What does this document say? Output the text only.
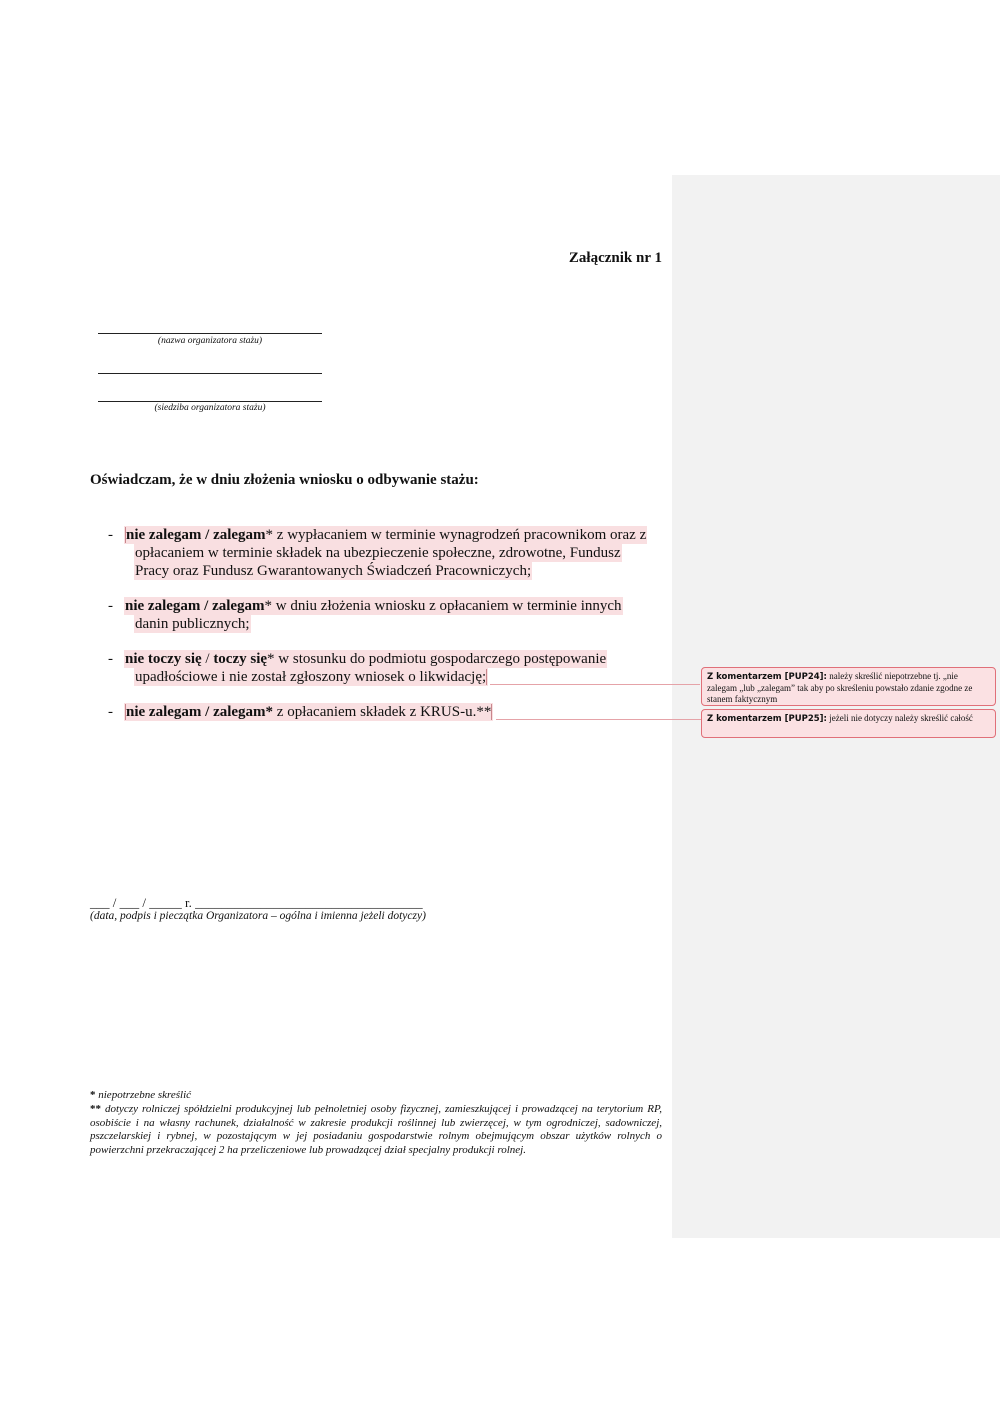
Załącznik nr 1
(nazwa organizatora stażu)
(siedziba organizatora stażu)
Oświadczam, że w dniu złożenia wniosku o odbywanie stażu:
- nie zalegam / zalegam* z wypłacaniem w terminie wynagrodzeń pracownikom oraz z
opłacaniem w terminie składek na ubezpieczenie społeczne, zdrowotne, Fundusz
Pracy oraz Fundusz Gwarantowanych Świadczeń Pracowniczych;
- nie zalegam / zalegam* w dniu złożenia wniosku z opłacaniem w terminie innych
danin publicznych;
- nie toczy się / toczy się* w stosunku do podmiotu gospodarczego postępowanie
upadłościowe i nie został zgłoszony wniosek o likwidację;
- nie zalegam / zalegam* z opłacaniem składek z KRUS-u.**
Z komentarzem [PUP24]: należy skreślić niepotrzebne tj. „nie zalegam „lub „zalegam” tak aby po skreśleniu powstało zdanie zgodne ze stanem faktycznym
Z komentarzem [PUP25]: jeżeli nie dotyczy należy skreślić całość
___ / ___ / _____ r. ___________________________________
(data, podpis i pieczątka Organizatora – ogólna i imienna jeżeli dotyczy)
* niepotrzebne skreślić
** dotyczy rolniczej spółdzielni produkcyjnej lub pełnoletniej osoby fizycznej, zamieszkującej i prowadzącej na terytorium RP, osobiście i na własny rachunek, działalność w zakresie produkcji roślinnej lub zwierzęcej, w tym ogrodniczej, sadowniczej, pszczelarskiej i rybnej, w pozostającym w jej posiadaniu gospodarstwie rolnym obejmującym obszar użytków rolnych o powierzchni przekraczającej 2 ha przeliczeniowe lub prowadzącej dział specjalny produkcji rolnej.
